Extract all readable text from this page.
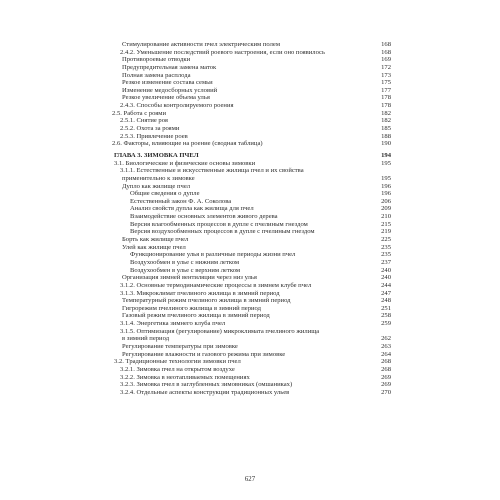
Стимулирование активности пчел электрическим полем	168
2.4.2. Уменьшение последствий роевого настроения, если оно появилось	168
Противороевые отводки	169
Предупредительная замена маток	172
Полная замена расплода	173
Резкое изменение состава семьи	175
Изменение медосборных условий	177
Резкое увеличение объема улья	178
2.4.3. Способы контролируемого роения	178
2.5. Работа с роями	182
2.5.1. Снятие роя	182
2.5.2. Охота за роями	185
2.5.3. Привлечение роев	188
2.6. Факторы, влияющие на роение (сводная таблица)	190
ГЛАВА 3. ЗИМОВКА ПЧЕЛ	194
3.1. Биологические и физические основы зимовки	195
3.1.1. Естественные и искусственные жилища пчел и их свойства
применительно к зимовке	195
Дупло как жилище пчел	196
Общие сведения о дупле	196
Естественный закон Ф. А. Соколова	206
Анализ свойств дупла как жилища для пчел	209
Взаимодействие основных элементов живого дерева	210
Версия влагообменных процессов в дупле с пчелиным гнездом	215
Версия воздухообменных процессов в дупле с пчелиным гнездом	219
Борть как жилище пчел	225
Улей как жилище пчел	235
Функционирование улья в различные периоды жизни пчел	235
Воздухообмен в улье с нижним летком	237
Воздухообмен в улье с верхним летком	240
Организация зимней вентиляции через низ улья	240
3.1.2. Основные термодинамические процессы в зимнем клубе пчел	244
3.1.3. Микроклимат пчелиного жилища в зимний период	247
Температурный режим пчелиного жилища в зимний период	248
Гигрорежим пчелиного жилища в зимний период	251
Газовый режим пчелиного жилища в зимний период	258
3.1.4. Энергетика зимнего клуба пчел	259
3.1.5. Оптимизация (регулирование) микроклимата пчелиного жилища
в зимний период	262
Регулирование температуры при зимовке	263
Регулирование влажности и газового режима при зимовке	264
3.2. Традиционные технологии зимовки пчел	268
3.2.1. Зимовка пчел на открытом воздухе	268
3.2.2. Зимовка в неотапливаемых помещениях	269
3.2.3. Зимовка пчел в заглубленных зимовниках (омшаниках)	269
3.2.4. Отдельные аспекты конструкции традиционных ульев	270
627
